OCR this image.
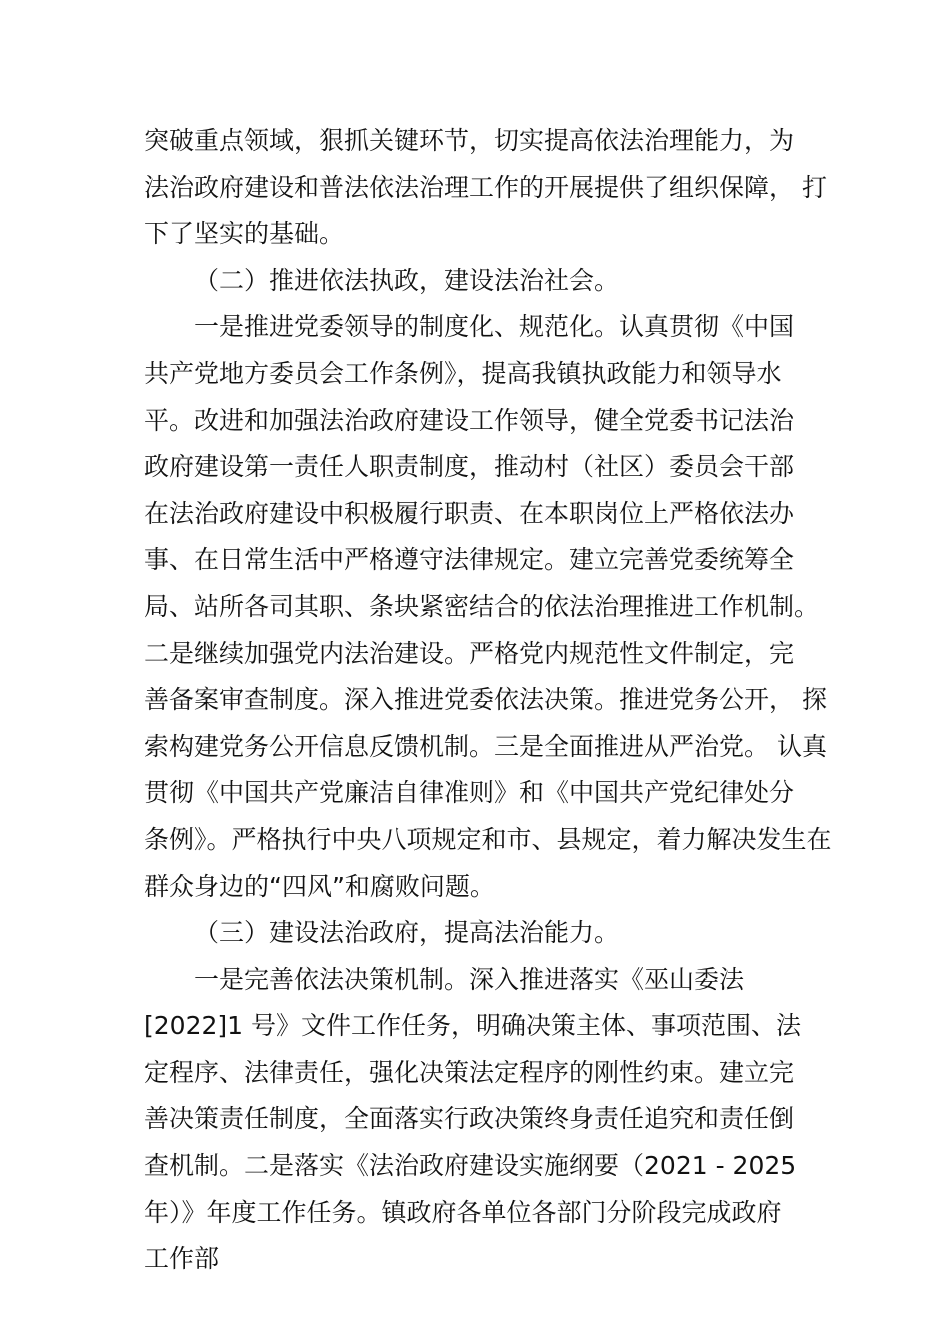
突破重点领域，狠抓关键环节，切实提高依法治理能力，为
法治政府建设和普法依法治理工作的开展提供了组织保障， 打
下了坚实的基础。
（二）推进依法执政，建设法治社会。
一是推进党委领导的制度化、规范化。认真贯彻《中国
共产党地方委员会工作条例》，提高我镇执政能力和领导水
平。改进和加强法治政府建设工作领导，健全党委书记法治
政府建设第一责任人职责制度，推动村（社区）委员会干部
在法治政府建设中积极履行职责、在本职岗位上严格依法办
事、在日常生活中严格遵守法律规定。建立完善党委统筹全
局、站所各司其职、条块紧密结合的依法治理推进工作机制。
二是继续加强党内法治建设。严格党内规范性文件制定，完
善备案审查制度。深入推进党委依法决策。推进党务公开， 探
索构建党务公开信息反馈机制。三是全面推进从严治党。 认真
贯彻《中国共产党廉洁自律准则》和《中国共产党纪律处分
条例》。严格执行中央八项规定和市、县规定，着力解决发生在
群众身边的“四风”和腐败问题。
（三）建设法治政府，提高法治能力。
一是完善依法决策机制。深入推进落实《巫山委法
[2022]1 号》文件工作任务，明确决策主体、事项范围、法
定程序、法律责任，强化决策法定程序的刚性约束。建立完
善决策责任制度，全面落实行政决策终身责任追究和责任倒
查机制。二是落实《法治政府建设实施纲要（2021 - 2025
年）》年度工作任务。镇政府各单位各部门分阶段完成政府
工作部
